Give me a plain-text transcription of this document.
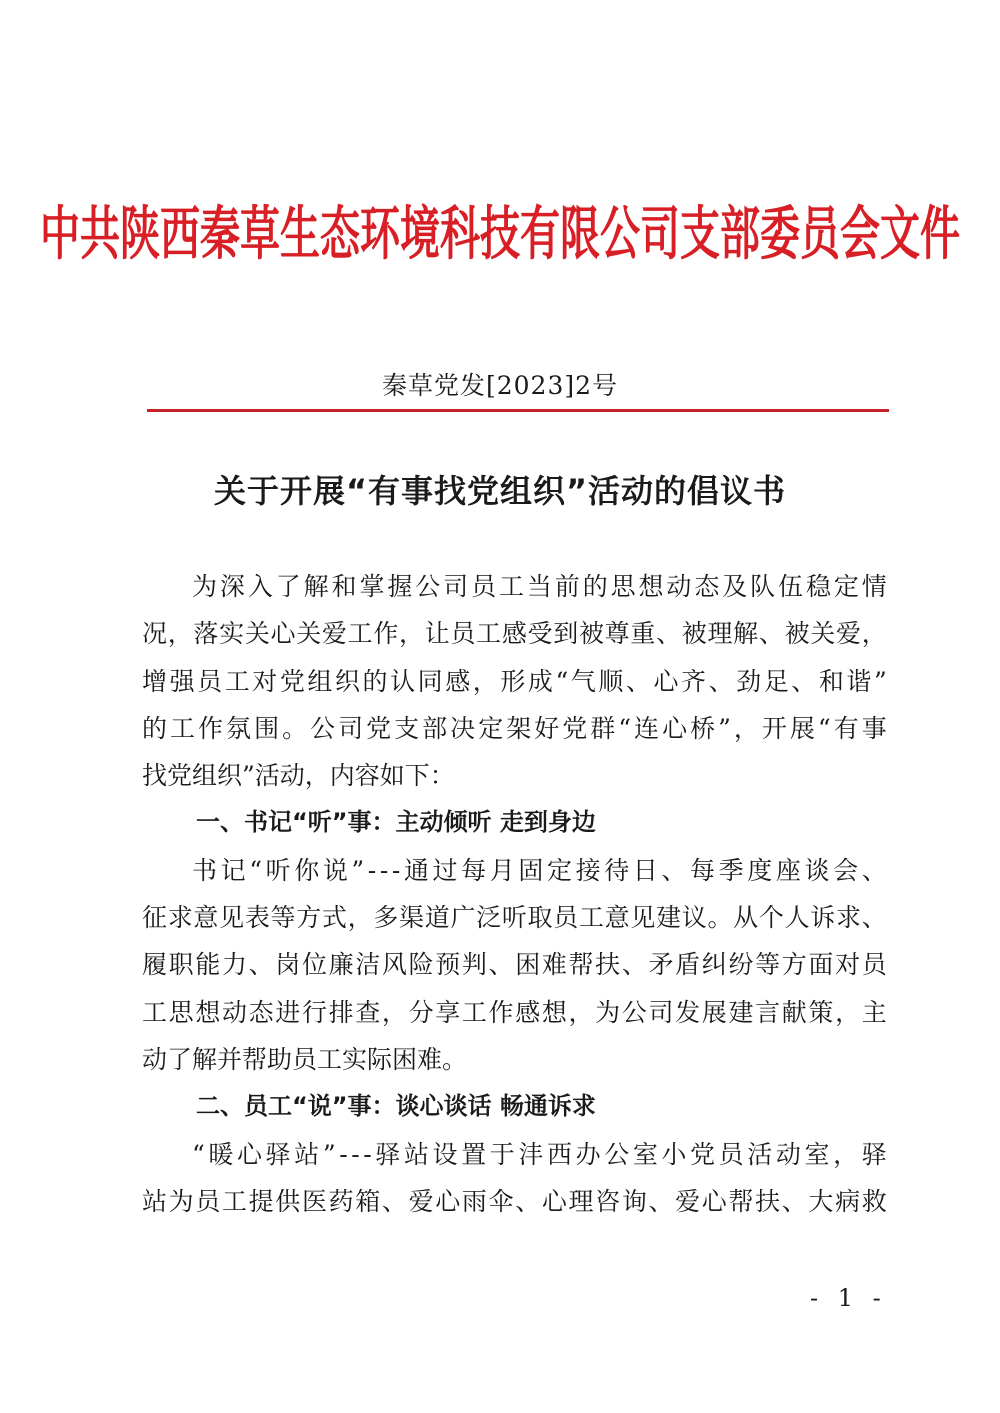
中共陕西秦草生态环境科技有限公司支部委员会文件
秦草党发[2023]2号
关于开展“有事找党组织”活动的倡议书
为 深 入 了 解 和 掌 握 公 司 员 工 当 前 的 思 想 动 态 及 队 伍 稳 定 情
况 ， 落 实 关 心 关 爱 工 作 ， 让 员 工 感 受 到 被 尊 重 、 被 理 解 、 被 关 爱 ，
增 强 员 工 对 党 组 织 的 认 同 感 ， 形 成 “ 气 顺 、 心 齐 、 劲 足 、 和 谐 ”
的 工 作 氛 围 。 公 司 党 支 部 决 定 架 好 党 群 “ 连 心 桥 ” ， 开 展 “ 有 事
找党组织”活动，内容如下：
一、书记“听”事：主动倾听 走到身边
书 记 “ 听 你 说 ” - - - 通 过 每 月 固 定 接 待 日 、 每 季 度 座 谈 会 、
征 求 意 见 表 等 方 式 ， 多 渠 道 广 泛 听 取 员 工 意 见 建 议 。 从 个 人 诉 求 、
履 职 能 力 、 岗 位 廉 洁 风 险 预 判 、 困 难 帮 扶 、 矛 盾 纠 纷 等 方 面 对 员
工 思 想 动 态 进 行 排 查 ， 分 享 工 作 感 想 ， 为 公 司 发 展 建 言 献 策 ， 主
动了解并帮助员工实际困难。
二、员工“说”事：谈心谈话 畅通诉求
“ 暖 心 驿 站 ” - - - 驿 站 设 置 于 沣 西 办 公 室 小 党 员 活 动 室 ， 驿
站 为 员 工 提 供 医 药 箱 、 爱 心 雨 伞 、 心 理 咨 询 、 爱 心 帮 扶 、 大 病 救
- 1 -
